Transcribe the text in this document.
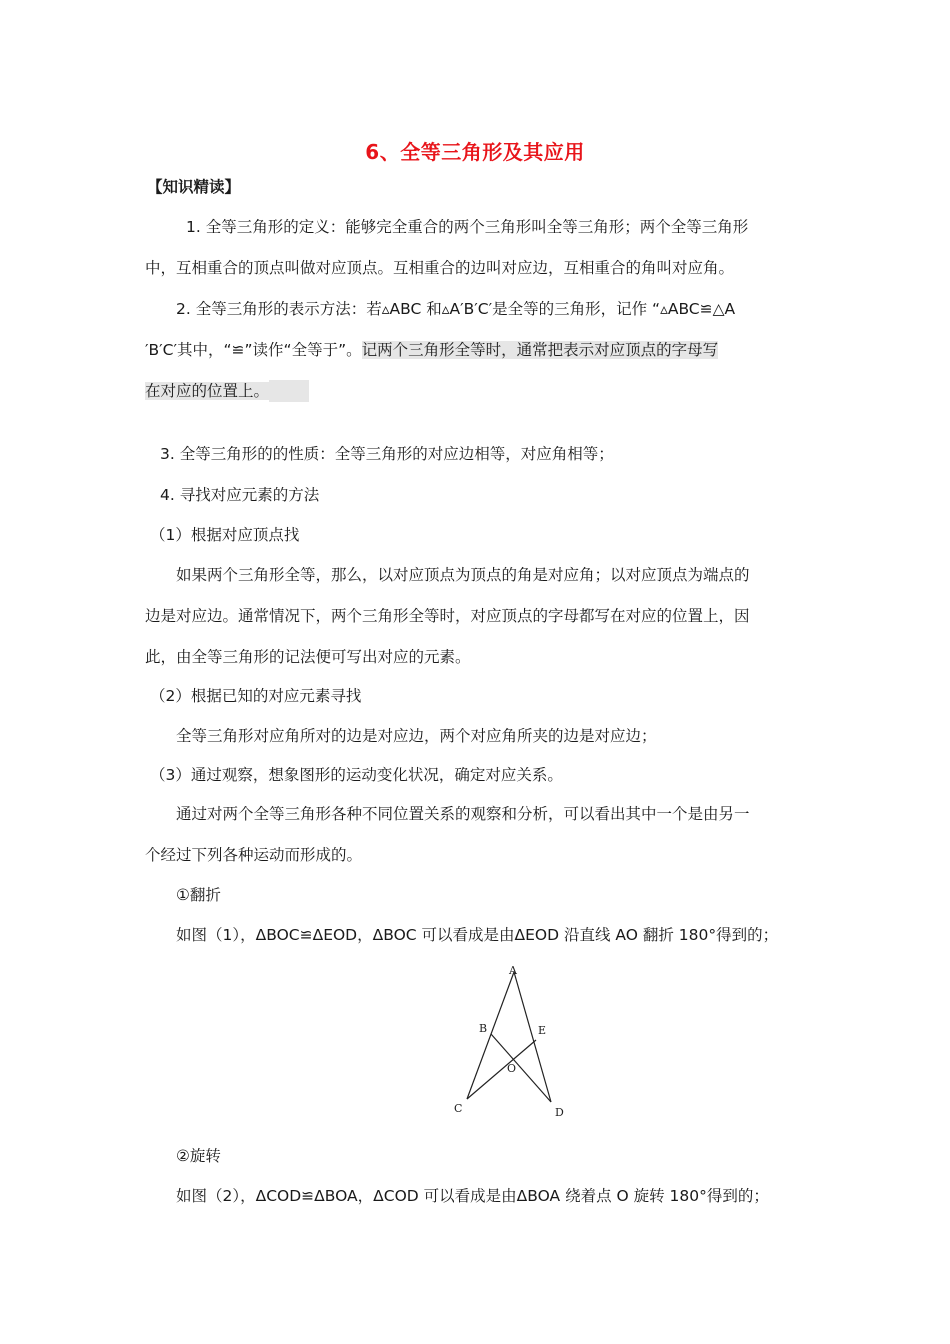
6、全等三角形及其应用
【知识精读】
1. 全等三角形的定义：能够完全重合的两个三角形叫全等三角形；两个全等三角形
中，互相重合的顶点叫做对应顶点。互相重合的边叫对应边，互相重合的角叫对应角。
2. 全等三角形的表示方法：若▵ABC 和▵A′B′C′是全等的三角形，记作 “▵ABC≌△A
′B′C′其中，“≌”读作“全等于”。记两个三角形全等时，通常把表示对应顶点的字母写
在对应的位置上。
3. 全等三角形的的性质：全等三角形的对应边相等，对应角相等；
4. 寻找对应元素的方法
（1）根据对应顶点找
如果两个三角形全等，那么，以对应顶点为顶点的角是对应角；以对应顶点为端点的
边是对应边。通常情况下，两个三角形全等时，对应顶点的字母都写在对应的位置上，因
此，由全等三角形的记法便可写出对应的元素。
（2）根据已知的对应元素寻找
全等三角形对应角所对的边是对应边，两个对应角所夹的边是对应边；
（3）通过观察，想象图形的运动变化状况，确定对应关系。
通过对两个全等三角形各种不同位置关系的观察和分析，可以看出其中一个是由另一
个经过下列各种运动而形成的。
①翻折
如图（1），ΔBOC≌ΔEOD，ΔBOC 可以看成是由ΔEOD 沿直线 AO 翻折 180°得到的；
A
B	E
O
C	D
②旋转
如图（2），ΔCOD≌ΔBOA，ΔCOD 可以看成是由ΔBOA 绕着点 O 旋转 180°得到的；
